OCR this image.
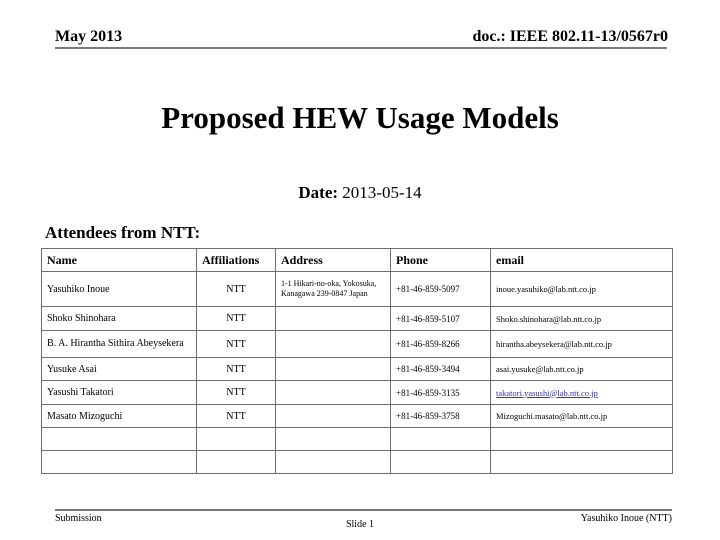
May 2013	doc.: IEEE 802.11-13/0567r0
Proposed HEW Usage Models
Date: 2013-05-14
Attendees from NTT:
Name	Affiliations	Address	Phone	email
Yasuhiko Inoue	NTT	1-1 Hikari-no-oka, Yokosuka, Kanagawa 239-0847 Japan	+81-46-859-5097	inoue.yasuhiko@lab.ntt.co.jp
Shoko Shinohara	NTT		+81-46-859-5107	Shoko.shinohara@lab.ntt.co.jp
B. A. Hirantha Sithira Abeysekera	NTT		+81-46-859-8266	hirantha.abeysekera@lab.ntt.co.jp
Yusuke Asai	NTT		+81-46-859-3494	asai.yusuke@lab.ntt.co.jp
Yasushi Takatori	NTT		+81-46-859-3135	takatori.yasushi@lab.ntt.co.jp
Masato Mizoguchi	NTT		+81-46-859-3758	Mizoguchi.masato@lab.ntt.co.jp

Submission
Slide 1
Yasuhiko Inoue (NTT)
